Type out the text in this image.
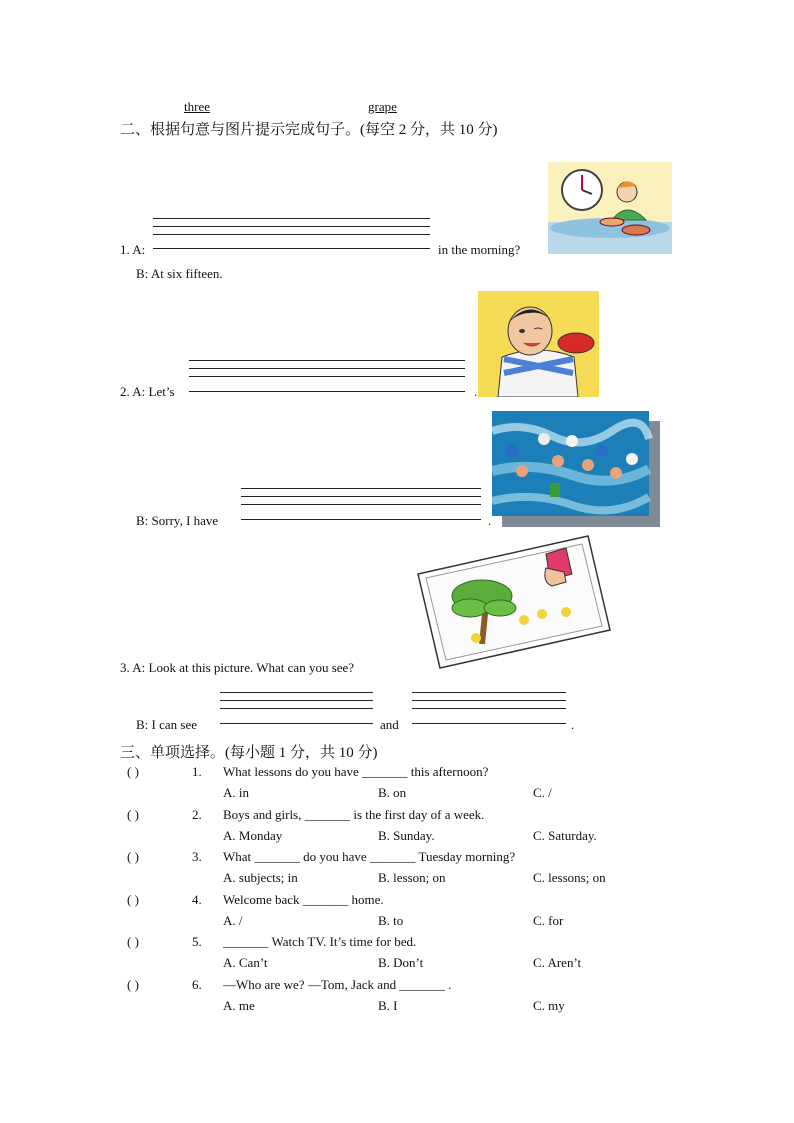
three	grape
二、根据句意与图片提示完成句子。(每空 2 分，共 10 分)
1. A:	in the morning?
B: At six fifteen.
2. A: Let’s	.
B: Sorry, I have	.
3. A: Look at this picture. What can you see?
B: I can see	and	.
三、单项选择。(每小题 1 分，共 10 分)
( )	1. What lessons do you have _______ this afternoon?
A. in	B. on	C. /
( )	2. Boys and girls, _______ is the first day of a week.
A. Monday	B. Sunday.	C. Saturday.
( )	3. What _______ do you have _______ Tuesday morning?
A. subjects; in	B. lesson; on	C. lessons; on
( )	4. Welcome back _______ home.
A. /	B. to	C. for
( )	5. _______ Watch TV. It’s time for bed.
A. Can’t	B. Don’t	C. Aren’t
( )	6. —Who are we? —Tom, Jack and _______ .
A. me	B. I	C. my
